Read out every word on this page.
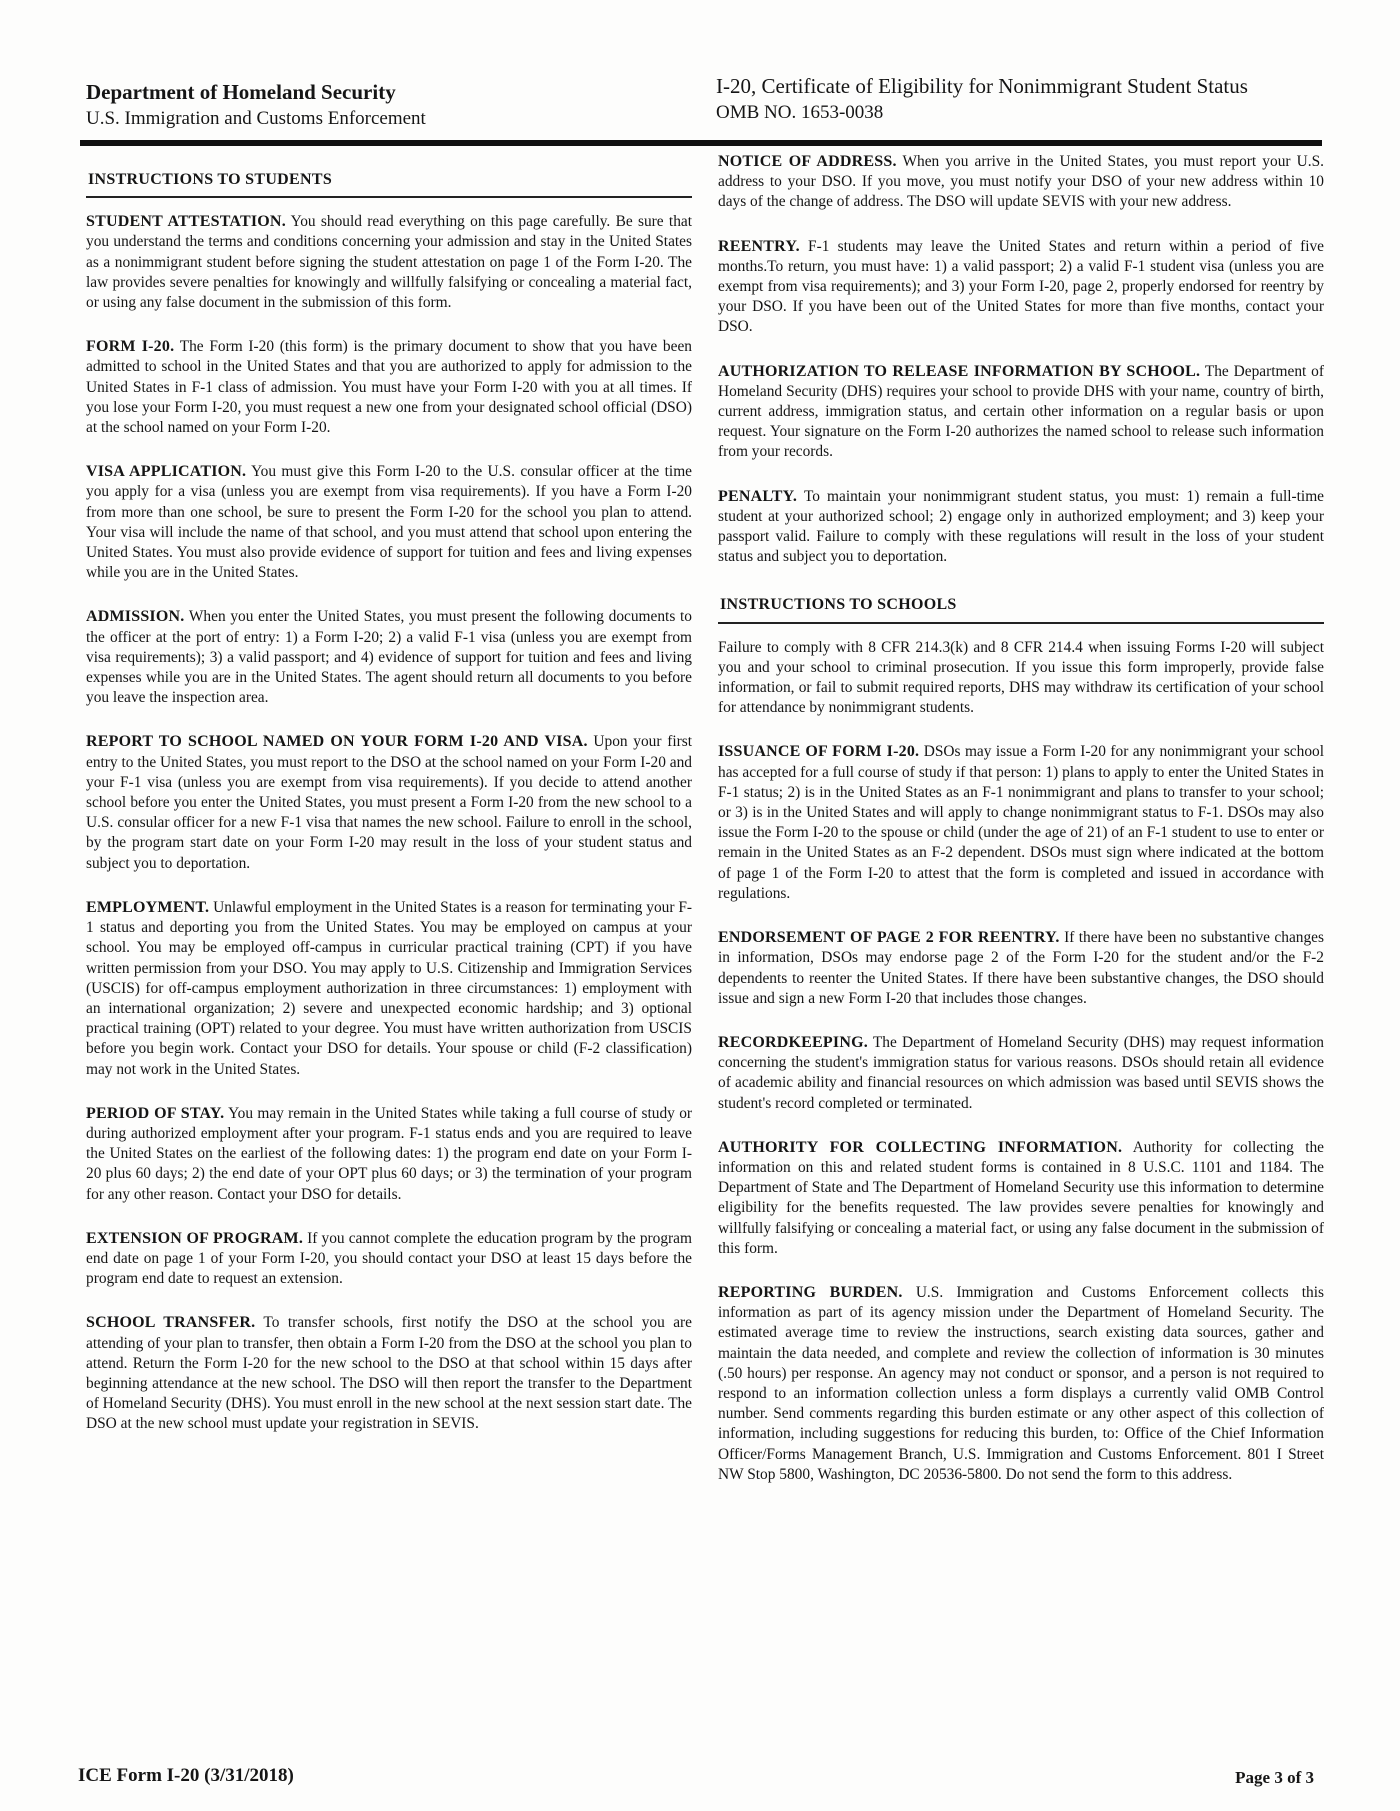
Department of Homeland Security
U.S. Immigration and Customs Enforcement
I-20, Certificate of Eligibility for Nonimmigrant Student Status
OMB NO. 1653-0038
INSTRUCTIONS TO STUDENTS

STUDENT ATTESTATION. You should read everything on this page carefully. Be sure that you understand the terms and conditions concerning your admission and stay in the United States as a nonimmigrant student before signing the student attestation on page 1 of the Form I-20. The law provides severe penalties for knowingly and willfully falsifying or concealing a material fact, or using any false document in the submission of this form.

FORM I-20. The Form I-20 (this form) is the primary document to show that you have been admitted to school in the United States and that you are authorized to apply for admission to the United States in F-1 class of admission. You must have your Form I-20 with you at all times. If you lose your Form I-20, you must request a new one from your designated school official (DSO) at the school named on your Form I-20.

VISA APPLICATION. You must give this Form I-20 to the U.S. consular officer at the time you apply for a visa (unless you are exempt from visa requirements). If you have a Form I-20 from more than one school, be sure to present the Form I-20 for the school you plan to attend. Your visa will include the name of that school, and you must attend that school upon entering the United States. You must also provide evidence of support for tuition and fees and living expenses while you are in the United States.

ADMISSION. When you enter the United States, you must present the following documents to the officer at the port of entry: 1) a Form I-20; 2) a valid F-1 visa (unless you are exempt from visa requirements); 3) a valid passport; and 4) evidence of support for tuition and fees and living expenses while you are in the United States. The agent should return all documents to you before you leave the inspection area.

REPORT TO SCHOOL NAMED ON YOUR FORM I-20 AND VISA. Upon your first entry to the United States, you must report to the DSO at the school named on your Form I-20 and your F-1 visa (unless you are exempt from visa requirements). If you decide to attend another school before you enter the United States, you must present a Form I-20 from the new school to a U.S. consular officer for a new F-1 visa that names the new school. Failure to enroll in the school, by the program start date on your Form I-20 may result in the loss of your student status and subject you to deportation.

EMPLOYMENT. Unlawful employment in the United States is a reason for terminating your F-1 status and deporting you from the United States. You may be employed on campus at your school. You may be employed off-campus in curricular practical training (CPT) if you have written permission from your DSO. You may apply to U.S. Citizenship and Immigration Services (USCIS) for off-campus employment authorization in three circumstances: 1) employment with an international organization; 2) severe and unexpected economic hardship; and 3) optional practical training (OPT) related to your degree. You must have written authorization from USCIS before you begin work. Contact your DSO for details. Your spouse or child (F-2 classification) may not work in the United States.

PERIOD OF STAY. You may remain in the United States while taking a full course of study or during authorized employment after your program. F-1 status ends and you are required to leave the United States on the earliest of the following dates: 1) the program end date on your Form I-20 plus 60 days; 2) the end date of your OPT plus 60 days; or 3) the termination of your program for any other reason. Contact your DSO for details.

EXTENSION OF PROGRAM. If you cannot complete the education program by the program end date on page 1 of your Form I-20, you should contact your DSO at least 15 days before the program end date to request an extension.

SCHOOL TRANSFER. To transfer schools, first notify the DSO at the school you are attending of your plan to transfer, then obtain a Form I-20 from the DSO at the school you plan to attend. Return the Form I-20 for the new school to the DSO at that school within 15 days after beginning attendance at the new school. The DSO will then report the transfer to the Department of Homeland Security (DHS). You must enroll in the new school at the next session start date. The DSO at the new school must update your registration in SEVIS.

NOTICE OF ADDRESS. When you arrive in the United States, you must report your U.S. address to your DSO. If you move, you must notify your DSO of your new address within 10 days of the change of address. The DSO will update SEVIS with your new address.

REENTRY. F-1 students may leave the United States and return within a period of five months.To return, you must have: 1) a valid passport; 2) a valid F-1 student visa (unless you are exempt from visa requirements); and 3) your Form I-20, page 2, properly endorsed for reentry by your DSO. If you have been out of the United States for more than five months, contact your DSO.

AUTHORIZATION TO RELEASE INFORMATION BY SCHOOL. The Department of Homeland Security (DHS) requires your school to provide DHS with your name, country of birth, current address, immigration status, and certain other information on a regular basis or upon request. Your signature on the Form I-20 authorizes the named school to release such information from your records.

PENALTY. To maintain your nonimmigrant student status, you must: 1) remain a full-time student at your authorized school; 2) engage only in authorized employment; and 3) keep your passport valid. Failure to comply with these regulations will result in the loss of your student status and subject you to deportation.

INSTRUCTIONS TO SCHOOLS

Failure to comply with 8 CFR 214.3(k) and 8 CFR 214.4 when issuing Forms I-20 will subject you and your school to criminal prosecution. If you issue this form improperly, provide false information, or fail to submit required reports, DHS may withdraw its certification of your school for attendance by nonimmigrant students.

ISSUANCE OF FORM I-20. DSOs may issue a Form I-20 for any nonimmigrant your school has accepted for a full course of study if that person: 1) plans to apply to enter the United States in F-1 status; 2) is in the United States as an F-1 nonimmigrant and plans to transfer to your school; or 3) is in the United States and will apply to change nonimmigrant status to F-1. DSOs may also issue the Form I-20 to the spouse or child (under the age of 21) of an F-1 student to use to enter or remain in the United States as an F-2 dependent. DSOs must sign where indicated at the bottom of page 1 of the Form I-20 to attest that the form is completed and issued in accordance with regulations.

ENDORSEMENT OF PAGE 2 FOR REENTRY. If there have been no substantive changes in information, DSOs may endorse page 2 of the Form I-20 for the student and/or the F-2 dependents to reenter the United States. If there have been substantive changes, the DSO should issue and sign a new Form I-20 that includes those changes.

RECORDKEEPING. The Department of Homeland Security (DHS) may request information concerning the student's immigration status for various reasons. DSOs should retain all evidence of academic ability and financial resources on which admission was based until SEVIS shows the student's record completed or terminated.

AUTHORITY FOR COLLECTING INFORMATION. Authority for collecting the information on this and related student forms is contained in 8 U.S.C. 1101 and 1184. The Department of State and The Department of Homeland Security use this information to determine eligibility for the benefits requested. The law provides severe penalties for knowingly and willfully falsifying or concealing a material fact, or using any false document in the submission of this form.

REPORTING BURDEN. U.S. Immigration and Customs Enforcement collects this information as part of its agency mission under the Department of Homeland Security. The estimated average time to review the instructions, search existing data sources, gather and maintain the data needed, and complete and review the collection of information is 30 minutes (.50 hours) per response. An agency may not conduct or sponsor, and a person is not required to respond to an information collection unless a form displays a currently valid OMB Control number. Send comments regarding this burden estimate or any other aspect of this collection of information, including suggestions for reducing this burden, to: Office of the Chief Information Officer/Forms Management Branch, U.S. Immigration and Customs Enforcement. 801 I Street NW Stop 5800, Washington, DC 20536-5800. Do not send the form to this address.

ICE Form I-20 (3/31/2018)	Page 3 of 3
